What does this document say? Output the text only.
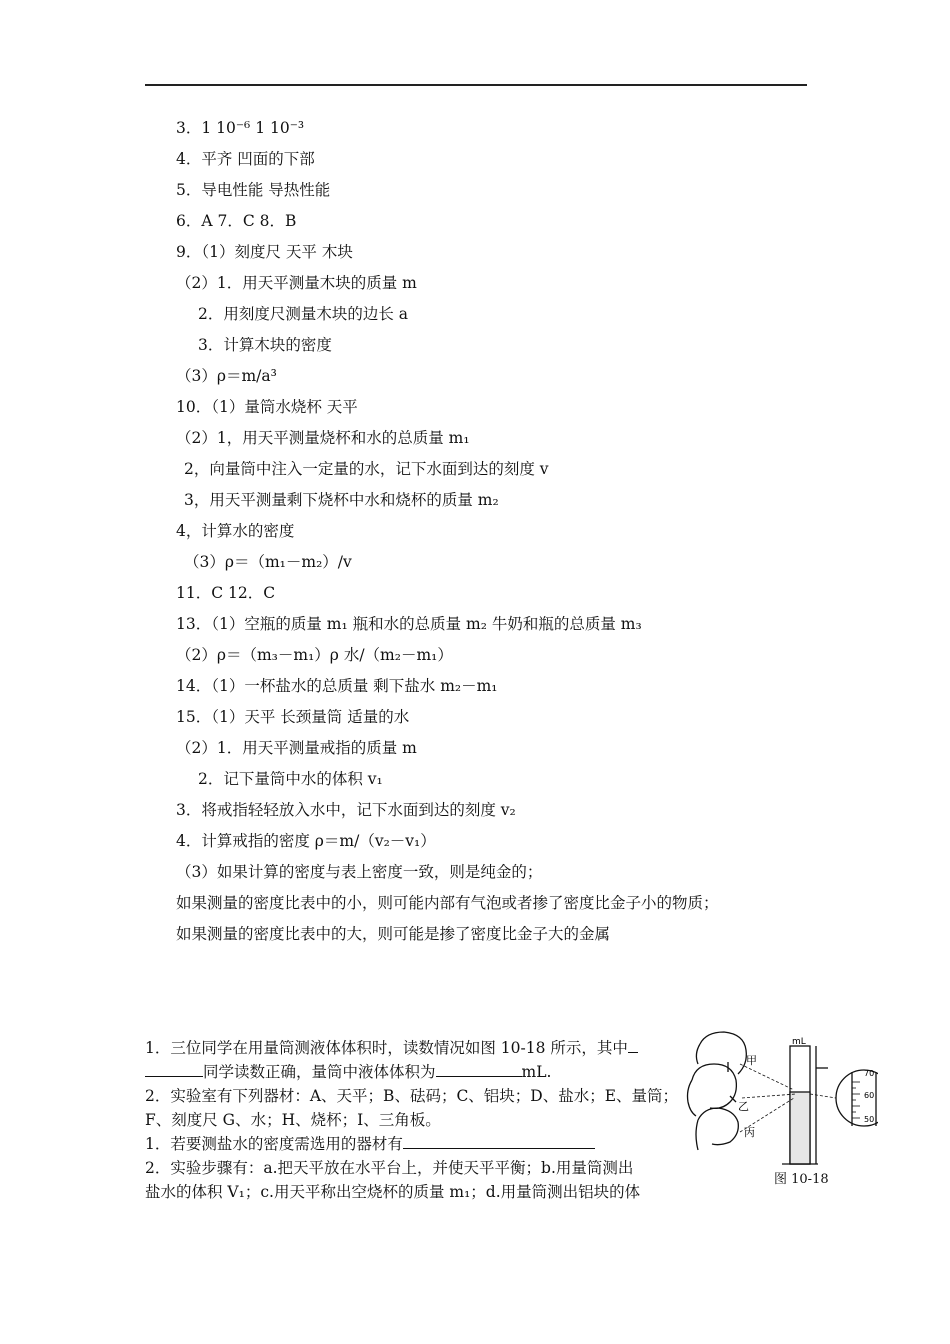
3．1 10⁻⁶ 1 10⁻³
4．平齐 凹面的下部
5．导电性能 导热性能
6．A 7．C 8．B
9．（1）刻度尺 天平 木块
（2）1．用天平测量木块的质量 m
2．用刻度尺测量木块的边长 a
3．计算木块的密度
（3）ρ＝m/a³
10．（1）量筒水烧杯 天平
（2）1，用天平测量烧杯和水的总质量 m₁
2，向量筒中注入一定量的水，记下水面到达的刻度 v
3，用天平测量剩下烧杯中水和烧杯的质量 m₂
4，计算水的密度
（3）ρ＝（m₁－m₂）/v
11．C 12．C
13．（1）空瓶的质量 m₁ 瓶和水的总质量 m₂ 牛奶和瓶的总质量 m₃
（2）ρ＝（m₃－m₁）ρ 水/（m₂－m₁）
14．（1）一杯盐水的总质量 剩下盐水 m₂－m₁
15．（1）天平 长颈量筒 适量的水
（2）1．用天平测量戒指的质量 m
2．记下量筒中水的体积 v₁
3．将戒指轻轻放入水中，记下水面到达的刻度 v₂
4．计算戒指的密度 ρ＝m/（v₂－v₁）
（3）如果计算的密度与表上密度一致，则是纯金的；
如果测量的密度比表中的小，则可能内部有气泡或者掺了密度比金子小的物质；
如果测量的密度比表中的大，则可能是掺了密度比金子大的金属
1．三位同学在用量筒测液体体积时，读数情况如图 10-18 所示，其中
同学读数正确，量筒中液体体积为	mL.
2．实验室有下列器材：A、天平；B、砝码；C、铝块；D、盐水；E、量筒；
F、刻度尺 G、水；H、烧杯；I、三角板。
1．若要测盐水的密度需选用的器材有
2．实验步骤有：a.把天平放在水平台上，并使天平平衡；b.用量筒测出
盐水的体积 V₁；c.用天平称出空烧杯的质量 m₁；d.用量筒测出铝块的体
甲
乙
丙
mL
70
60
50
图 10-18
